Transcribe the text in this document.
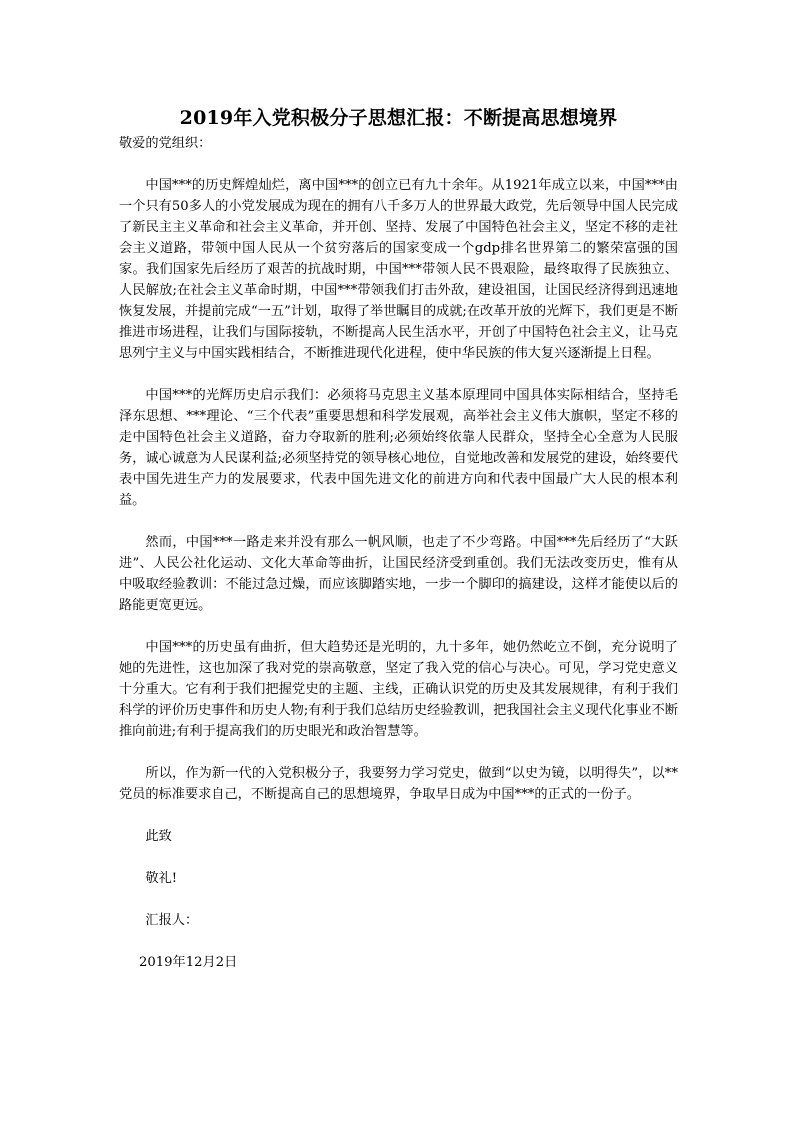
2019年入党积极分子思想汇报：不断提高思想境界

敬爱的党组织：

中国***的历史辉煌灿烂，离中国***的创立已有九十余年。从1921年成立以来，中国***由一个只有50多人的小党发展成为现在的拥有八千多万人的世界最大政党，先后领导中国人民完成了新民主主义革命和社会主义革命，并开创、坚持、发展了中国特色社会主义，坚定不移的走社会主义道路，带领中国人民从一个贫穷落后的国家变成一个gdp排名世界第二的繁荣富强的国家。我们国家先后经历了艰苦的抗战时期，中国***带领人民不畏艰险，最终取得了民族独立、人民解放;在社会主义革命时期，中国***带领我们打击外敌，建设祖国，让国民经济得到迅速地恢复发展，并提前完成“一五”计划，取得了举世瞩目的成就;在改革开放的光辉下，我们更是不断推进市场进程，让我们与国际接轨，不断提高人民生活水平，开创了中国特色社会主义，让马克思列宁主义与中国实践相结合，不断推进现代化进程，使中华民族的伟大复兴逐渐提上日程。

中国***的光辉历史启示我们：必须将马克思主义基本原理同中国具体实际相结合，坚持毛泽东思想、***理论、“三个代表”重要思想和科学发展观，高举社会主义伟大旗帜，坚定不移的走中国特色社会主义道路，奋力夺取新的胜利;必须始终依靠人民群众，坚持全心全意为人民服务，诚心诚意为人民谋利益;必须坚持党的领导核心地位，自觉地改善和发展党的建设，始终要代表中国先进生产力的发展要求，代表中国先进文化的前进方向和代表中国最广大人民的根本利益。

然而，中国***一路走来并没有那么一帆风顺，也走了不少弯路。中国***先后经历了“大跃进”、人民公社化运动、文化大革命等曲折，让国民经济受到重创。我们无法改变历史，惟有从中吸取经验教训：不能过急过燥，而应该脚踏实地，一步一个脚印的搞建设，这样才能使以后的路能更宽更远。

中国***的历史虽有曲折，但大趋势还是光明的，九十多年，她仍然屹立不倒，充分说明了她的先进性，这也加深了我对党的崇高敬意，坚定了我入党的信心与决心。可见，学习党史意义十分重大。它有利于我们把握党史的主题、主线，正确认识党的历史及其发展规律，有利于我们科学的评价历史事件和历史人物;有利于我们总结历史经验教训，把我国社会主义现代化事业不断推向前进;有利于提高我们的历史眼光和政治智慧等。

所以，作为新一代的入党积极分子，我要努力学习党史，做到“以史为镜，以明得失”，以**党员的标准要求自己，不断提高自己的思想境界，争取早日成为中国***的正式的一份子。

此致

敬礼!

汇报人：

2019年12月2日
